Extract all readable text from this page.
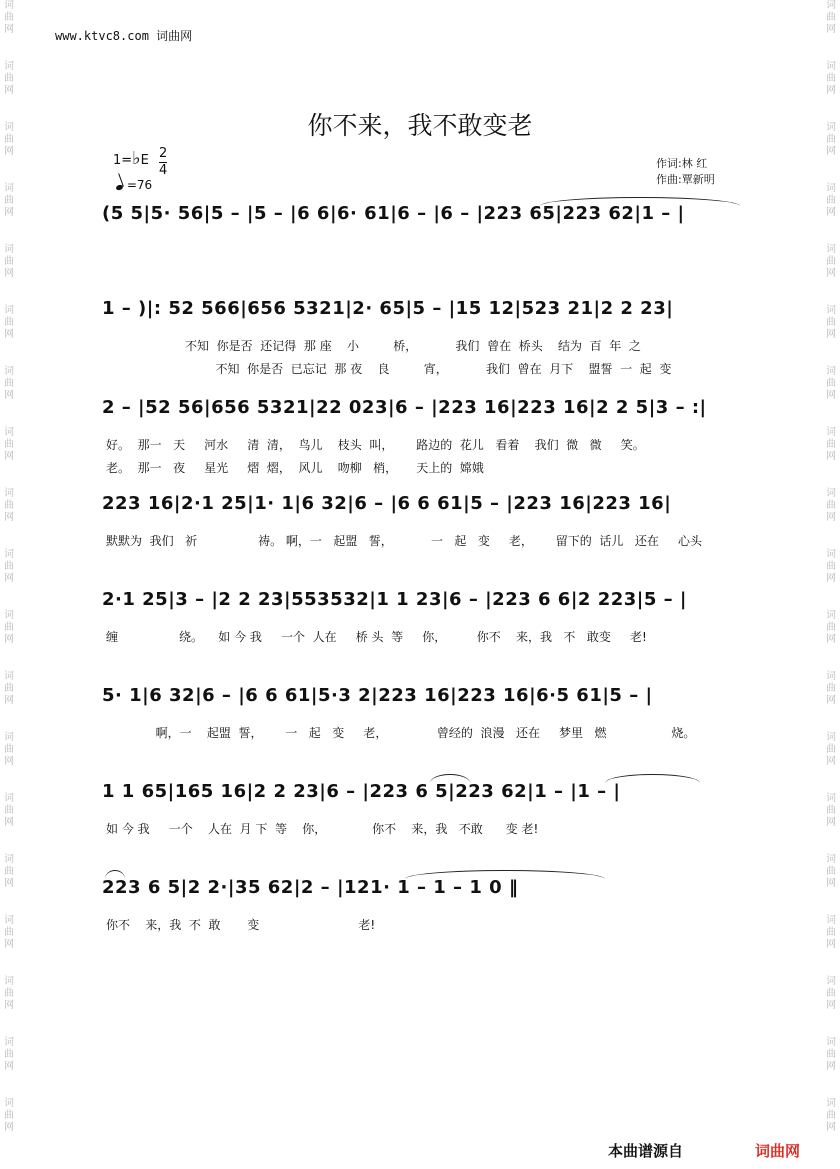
词
曲
网
词
曲
网
词
曲
网
词
曲
网
词
曲
网
词
曲
网
词
曲
网
词
曲
网
词
曲
网
词
曲
网
词
曲
网
词
曲
网
词
曲
网
词
曲
网
词
曲
网
词
曲
网
词
曲
网
词
曲
网
词
曲
网
词
曲
网
词
曲
网
词
曲
网
词
曲
网
词
曲
网
词
曲
网
词
曲
网
词
曲
网
词
曲
网
词
曲
网
词
曲
网
词
曲
网
词
曲
网
词
曲
网
词
曲
网
词
曲
网
词
曲
网
词
曲
网
词
曲
网
www.ktvc8.com 词曲网
你不来，我不敢变老
1=♭E $\frac{2}{4}$
=76
作词:林 红
作曲:覃新明
(5 5|5· 56|5 – |5 – |6 6|6· 61|6 – |6 – |223 65|223 62|1 – |
1 – )|: 52 566|656 5321|2· 65|5 – |15 12|523 21|2 2 23|
不知  你是否  还记得  那 座    小         桥，          我们  曾在  桥头    结为  百  年  之
不知  你是否  已忘记  那 夜    良         宵，          我们  曾在  月下    盟誓  一  起  变
2 – |52 56|656 5321|22 023|6 – |223 16|223 16|2 2 5|3 – :|
好。  那一   天     河水     清  清，  鸟儿    枝头  叫，      路边的  花儿   看着    我们  微   微     笑。
老。  那一   夜     星光     熠  熠，  风儿    吻柳   梢，     天上的  嫦娥
223 16|2·1 25|1· 1|6 32|6 – |6 6 61|5 – |223 16|223 16|
默默为  我们   祈                祷。 啊，一   起盟   誓，          一   起   变     老，      留下的  话儿   还在     心头
2·1 25|3 – |2 2 23|553532|1 1 23|6 – |223 6 6|2 223|5 – |
缠                绕。    如 今 我     一个  人在     桥 头  等     你，        你不    来，我   不   敢变     老!
5· 1|6 32|6 – |6 6 61|5·3 2|223 16|223 16|6·5 61|5 – |
啊，一    起盟  誓，      一   起   变     老，             曾经的  浪漫   还在     梦里   燃                 烧。
1 1 65|165 16|2 2 23|6 – |223 6 5|223 62|1 – |1 – |
如 今 我     一个    人在  月 下  等    你，            你不    来，我   不敢      变 老!
223 6 5|2 2·|35 62|2 – |121· 1 – 1 – 1 0 ‖
你不    来，我  不  敢       变                          老!
本曲谱源自	词曲网
